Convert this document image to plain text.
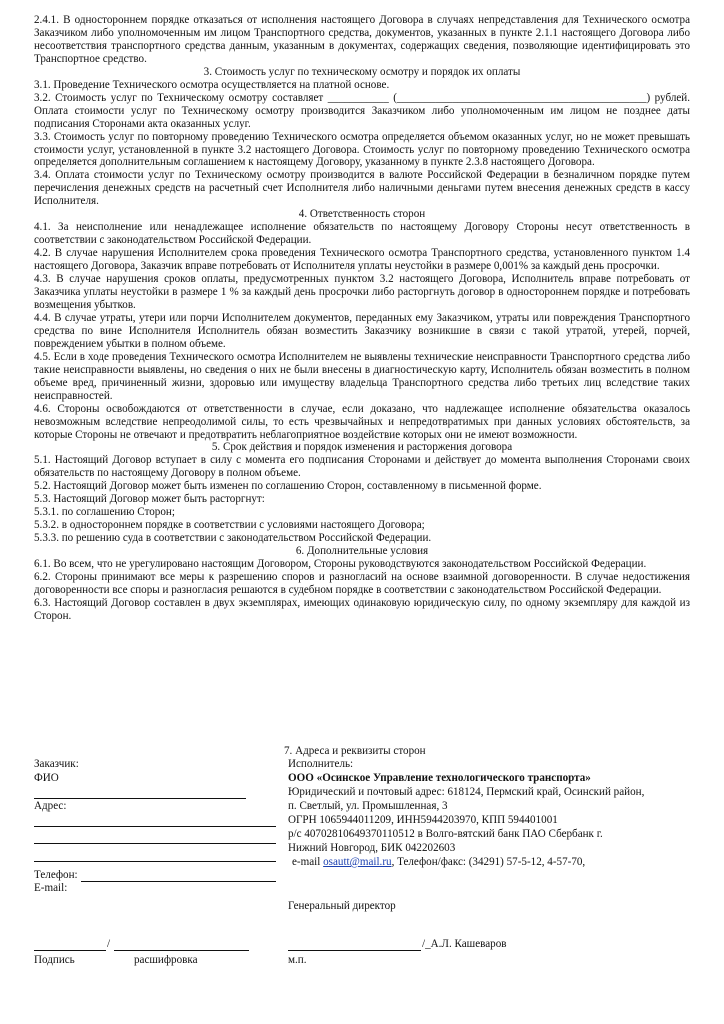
2.4.1. В одностороннем порядке отказаться от исполнения настоящего Договора в случаях непредставления для Технического осмотра Заказчиком либо уполномоченным им лицом Транспортного средства, документов, указанных в пункте 2.1.1 настоящего Договора либо несоответствия транспортного средства данным, указанным в документах, содержащих сведения, позволяющие идентифицировать это Транспортное средство.

3. Стоимость услуг по техническому осмотру и порядок их оплаты

3.1. Проведение Технического осмотра осуществляется на платной основе.

3.2. Стоимость услуг по Техническому осмотру составляет ___________ (_____________________________________________) рублей. Оплата стоимости услуг по Техническому осмотру производится Заказчиком либо уполномоченным им лицом не позднее даты подписания Сторонами акта оказанных услуг.

3.3. Стоимость услуг по повторному проведению Технического осмотра определяется объемом оказанных услуг, но не может превышать стоимости услуг, установленной в пункте 3.2 настоящего Договора. Стоимость услуг по повторному проведению Технического осмотра определяется дополнительным соглашением к настоящему Договору, указанному в пункте 2.3.8 настоящего Договора.

3.4. Оплата стоимости услуг по Техническому осмотру производится в валюте Российской Федерации в безналичном порядке путем перечисления денежных средств на расчетный счет Исполнителя либо наличными деньгами путем внесения денежных средств в кассу Исполнителя.

4. Ответственность сторон

4.1. За неисполнение или ненадлежащее исполнение обязательств по настоящему Договору Стороны несут ответственность в соответствии с законодательством Российской Федерации.

4.2. В случае нарушения Исполнителем срока проведения Технического осмотра Транспортного средства, установленного пунктом 1.4 настоящего Договора, Заказчик вправе потребовать от Исполнителя уплаты неустойки в размере 0,001% за каждый день просрочки.

4.3. В случае нарушения сроков оплаты, предусмотренных пунктом 3.2 настоящего Договора, Исполнитель вправе потребовать от Заказчика уплаты неустойки в размере 1 % за каждый день просрочки либо расторгнуть договор в одностороннем порядке и потребовать возмещения убытков.

4.4. В случае утраты, утери или порчи Исполнителем документов, переданных ему Заказчиком, утраты или повреждения Транспортного средства по вине Исполнителя Исполнитель обязан возместить Заказчику возникшие в связи с такой утратой, утерей, порчей, повреждением убытки в полном объеме.

4.5. Если в ходе проведения Технического осмотра Исполнителем не выявлены технические неисправности Транспортного средства либо такие неисправности выявлены, но сведения о них не были внесены в диагностическую карту, Исполнитель обязан возместить в полном объеме вред, причиненный жизни, здоровью или имуществу владельца Транспортного средства либо третьих лиц вследствие таких неисправностей.

4.6. Стороны освобождаются от ответственности в случае, если доказано, что надлежащее исполнение обязательства оказалось невозможным вследствие непреодолимой силы, то есть чрезвычайных и непредотвратимых при данных условиях обстоятельств, за которые Стороны не отвечают и предотвратить неблагоприятное воздействие которых они не имеют возможности.

5. Срок действия и порядок изменения и расторжения договора

5.1. Настоящий Договор вступает в силу с момента его подписания Сторонами и действует до момента выполнения Сторонами своих обязательств по настоящему Договору в полном объеме.

5.2. Настоящий Договор может быть изменен по соглашению Сторон, составленному в письменной форме.

5.3. Настоящий Договор может быть расторгнут:

5.3.1. по соглашению Сторон;

5.3.2. в одностороннем порядке в соответствии с условиями настоящего Договора;

5.3.3. по решению суда в соответствии с законодательством Российской Федерации.

6. Дополнительные условия

6.1. Во всем, что не урегулировано настоящим Договором, Стороны руководствуются законодательством Российской Федерации.

6.2. Стороны принимают все меры к разрешению споров и разногласий на основе взаимной договоренности. В случае недостижения договоренности все споры и разногласия решаются в судебном порядке в соответствии с законодательством Российской Федерации.

6.3. Настоящий Договор составлен в двух экземплярах, имеющих одинаковую юридическую силу, по одному экземпляру для каждой из Сторон.

7. Адреса и реквизиты сторон
Заказчик:
ФИО
Адрес:
Телефон:
E-mail:
/
Подпись	расшифровка
Исполнитель:
ООО «Осинское Управление технологического транспорта»
Юридический и почтовый адрес: 618124, Пермский край, Осинский район,
п. Светлый, ул. Промышленная, 3
ОГРН 1065944011209, ИНН5944203970, КПП 594401001
р/с 40702810649370110512 в Волго-вятский банк ПАО Сбербанк г.
Нижний Новгород, БИК 042202603
e-mail osautt@mail.ru, Телефон/факс: (34291) 57-5-12, 4-57-70,
Генеральный директор
/_А.Л. Кашеваров
м.п.
